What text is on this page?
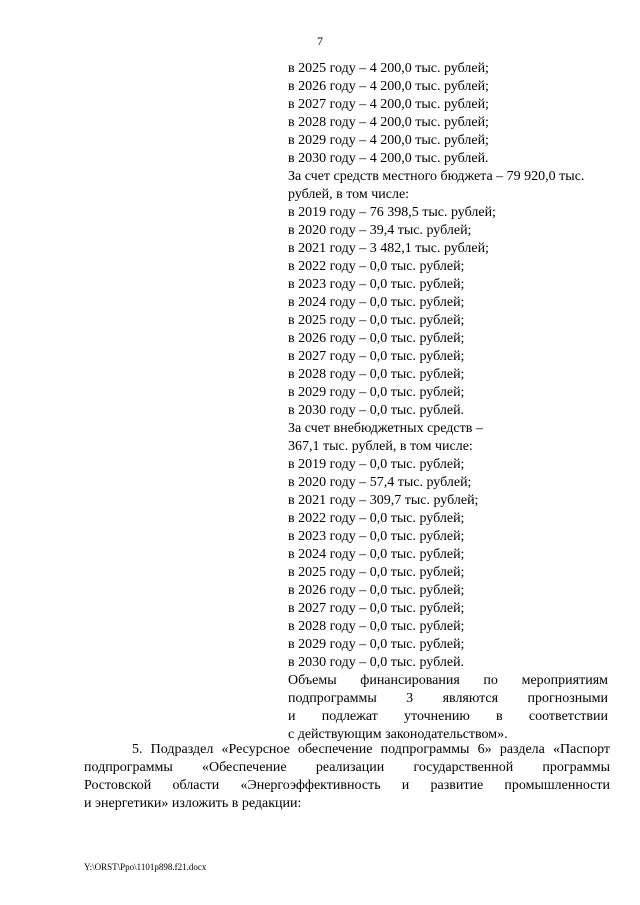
7
в 2025 году – 4 200,0 тыс. рублей;
в 2026 году – 4 200,0 тыс. рублей;
в 2027 году – 4 200,0 тыс. рублей;
в 2028 году – 4 200,0 тыс. рублей;
в 2029 году – 4 200,0 тыс. рублей;
в 2030 году – 4 200,0 тыс. рублей.
За счет средств местного бюджета – 79 920,0 тыс.
рублей, в том числе:
в 2019 году – 76 398,5 тыс. рублей;
в 2020 году – 39,4 тыс. рублей;
в 2021 году – 3 482,1 тыс. рублей;
в 2022 году – 0,0 тыс. рублей;
в 2023 году – 0,0 тыс. рублей;
в 2024 году – 0,0 тыс. рублей;
в 2025 году – 0,0 тыс. рублей;
в 2026 году – 0,0 тыс. рублей;
в 2027 году – 0,0 тыс. рублей;
в 2028 году – 0,0 тыс. рублей;
в 2029 году – 0,0 тыс. рублей;
в 2030 году – 0,0 тыс. рублей.
За счет внебюджетных средств –
367,1 тыс. рублей, в том числе:
в 2019 году – 0,0 тыс. рублей;
в 2020 году – 57,4 тыс. рублей;
в 2021 году – 309,7 тыс. рублей;
в 2022 году – 0,0 тыс. рублей;
в 2023 году – 0,0 тыс. рублей;
в 2024 году – 0,0 тыс. рублей;
в 2025 году – 0,0 тыс. рублей;
в 2026 году – 0,0 тыс. рублей;
в 2027 году – 0,0 тыс. рублей;
в 2028 году – 0,0 тыс. рублей;
в 2029 году – 0,0 тыс. рублей;
в 2030 году – 0,0 тыс. рублей.
Объемы финансирования по мероприятиям
подпрограммы 3 являются прогнозными
и подлежат уточнению в соответствии
с действующим законодательством».
5. Подраздел «Ресурсное обеспечение подпрограммы 6» раздела «Паспорт
подпрограммы «Обеспечение реализации государственной программы
Ростовской области «Энергоэффективность и развитие промышленности
и энергетики» изложить в редакции:
Y:\ORST\Ppo\1101p898.f21.docx
